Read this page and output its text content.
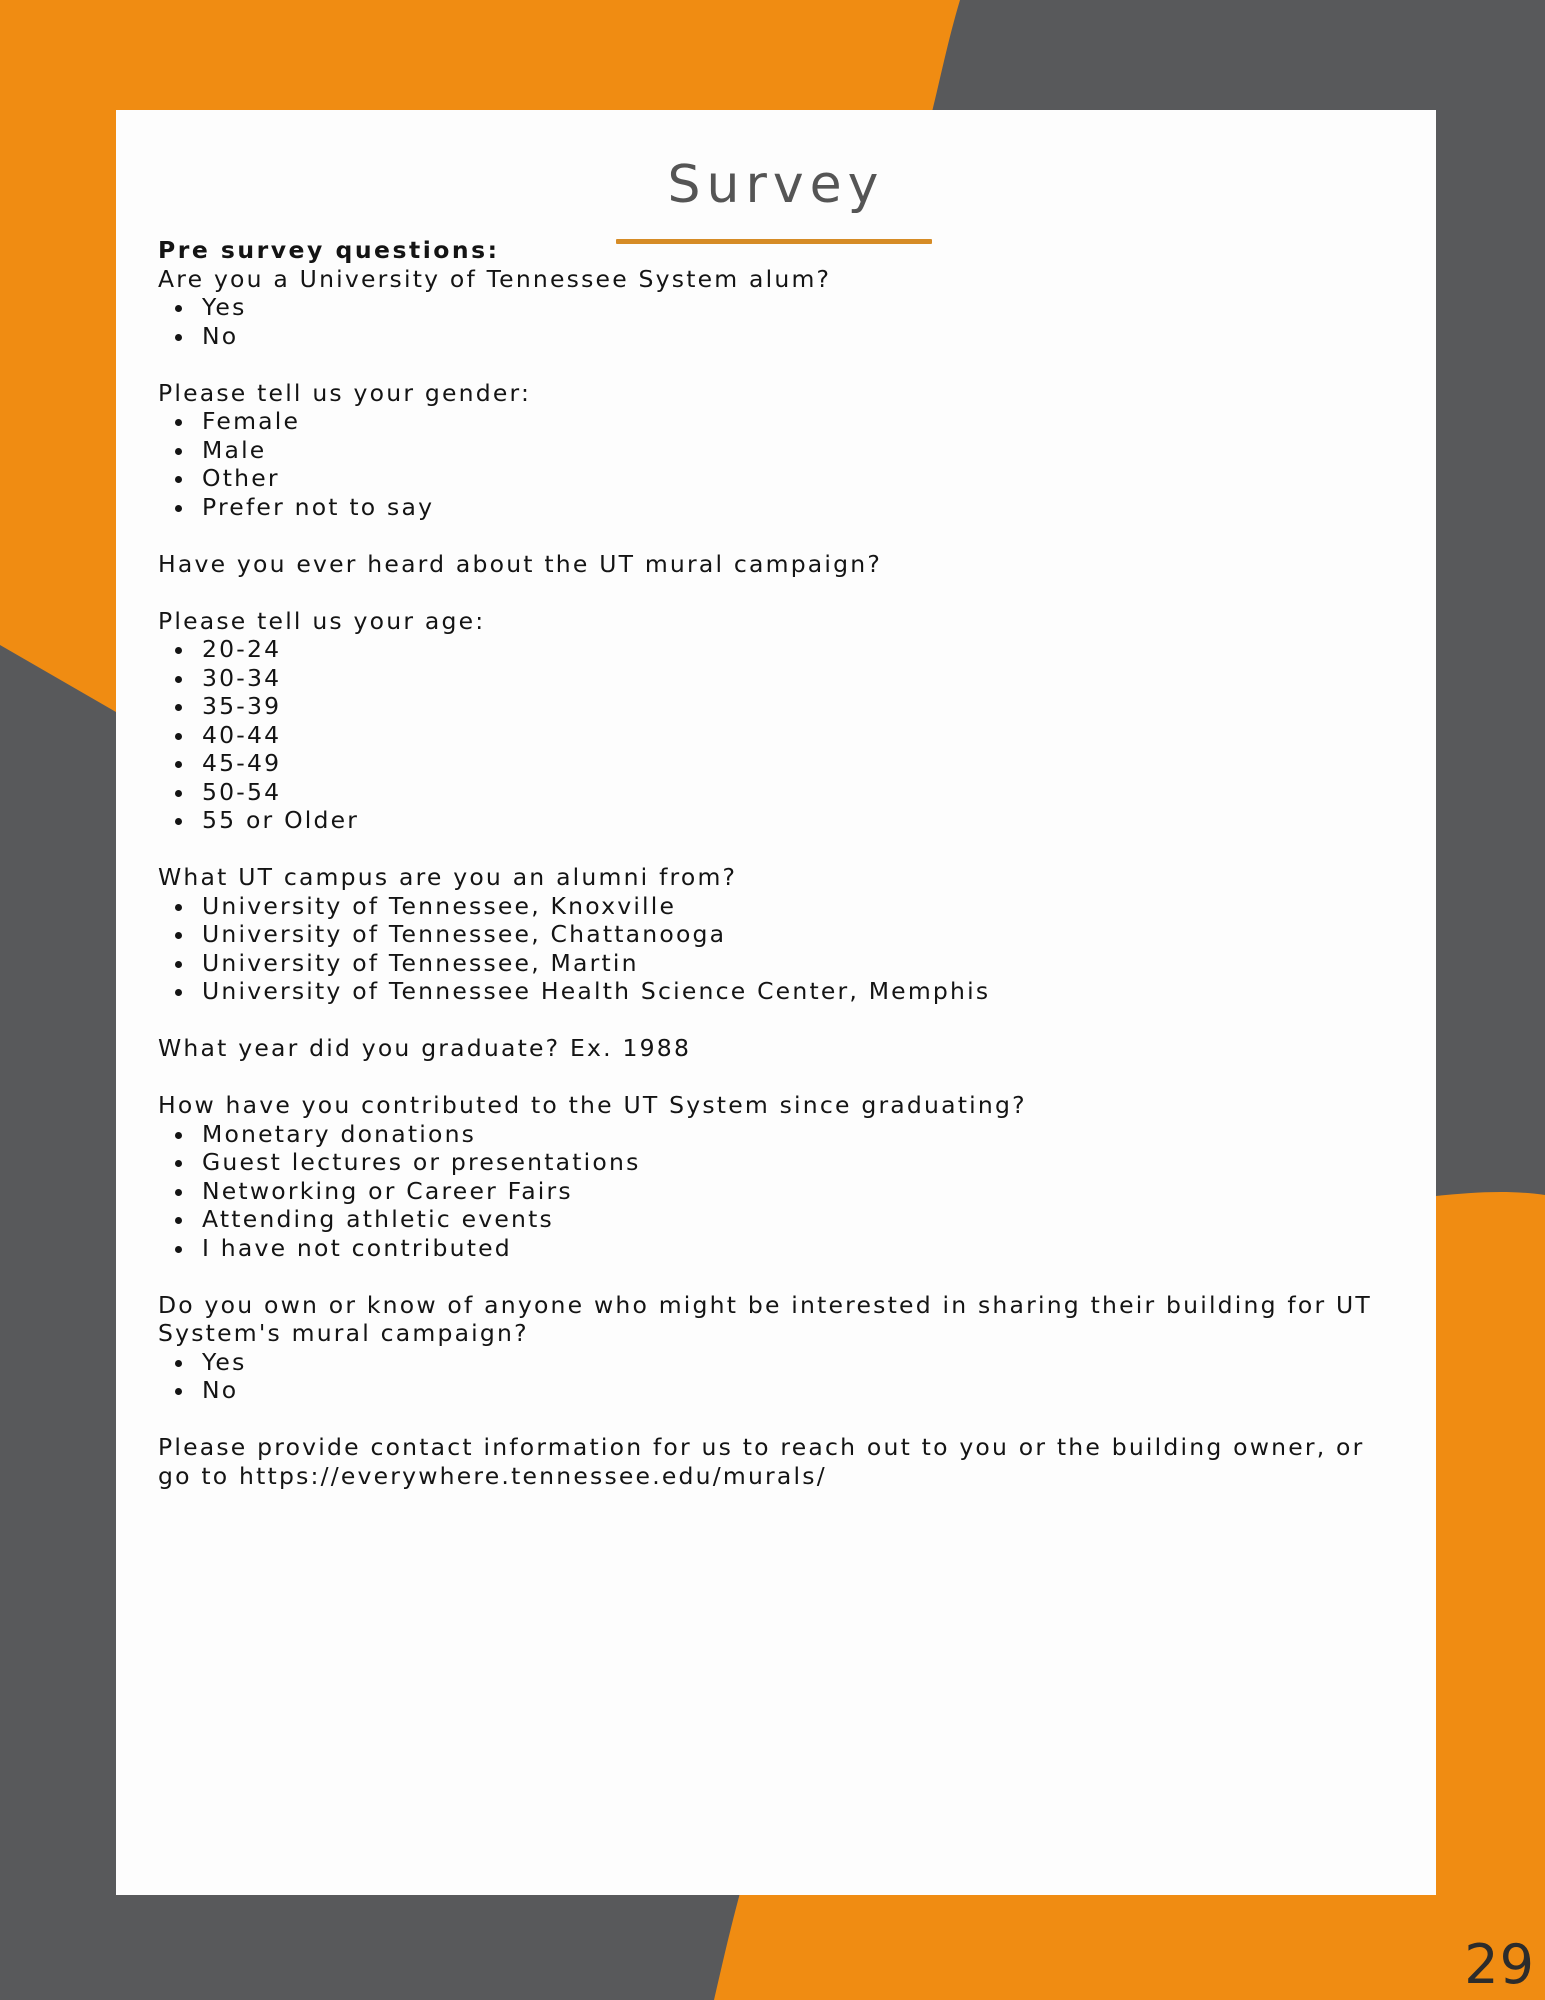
Survey

Pre survey questions:

Are you a University of Tennessee System alum?

Yes
No

Please tell us your gender:

Female
Male
Other
Prefer not to say

Have you ever heard about the UT mural campaign?

Please tell us your age:

20-24
30-34
35-39
40-44
45-49
50-54
55 or Older

What UT campus are you an alumni from?

University of Tennessee, Knoxville
University of Tennessee, Chattanooga
University of Tennessee, Martin
University of Tennessee Health Science Center, Memphis

What year did you graduate? Ex. 1988

How have you contributed to the UT System since graduating?

Monetary donations
Guest lectures or presentations
Networking or Career Fairs
Attending athletic events
I have not contributed

Do you own or know of anyone who might be interested in sharing their building for UT System's mural campaign?

Yes
No

Please provide contact information for us to reach out to you or the building owner, or go to https://everywhere.tennessee.edu/murals/

29
